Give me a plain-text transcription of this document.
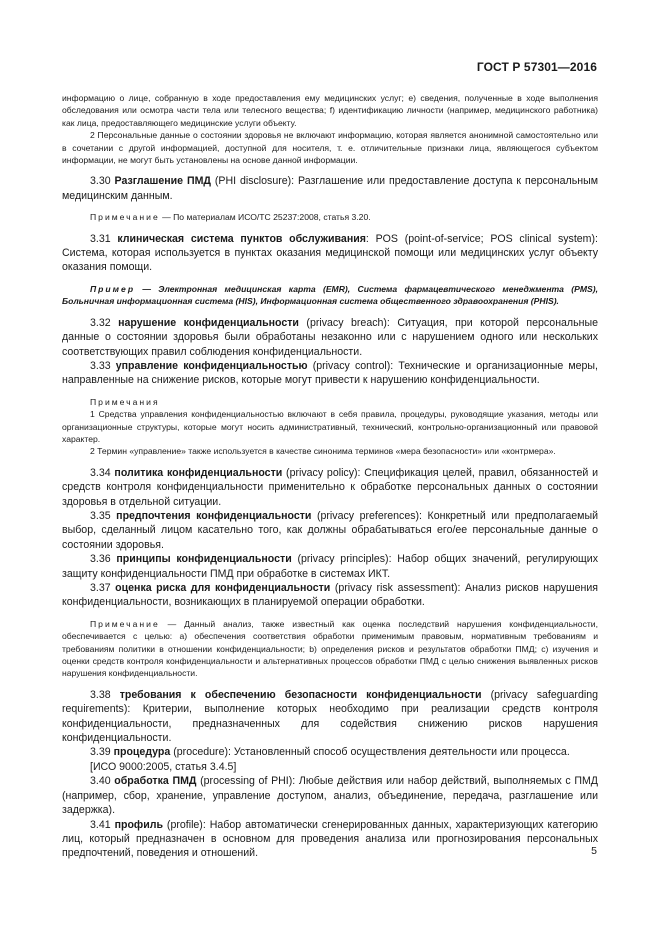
ГОСТ Р 57301—2016

информацию о лице, собранную в ходе предоставления ему медицинских услуг; е) сведения, полученные в ходе выполнения обследования или осмотра части тела или телесного вещества; f) идентификацию личности (например, медицинского работника) как лица, предоставляющего медицинские услуги объекту.

2 Персональные данные о состоянии здоровья не включают информацию, которая является анонимной самостоятельно или в сочетании с другой информацией, доступной для носителя, т. е. отличительные признаки лица, являющегося субъектом информации, не могут быть установлены на основе данной информации.

3.30 Разглашение ПМД (PHI disclosure): Разглашение или предоставление доступа к персональным медицинским данным.

Примечание — По материалам ИСО/ТС 25237:2008, статья 3.20.

3.31 клиническая система пунктов обслуживания: POS (point-of-service; POS clinical system): Система, которая используется в пунктах оказания медицинской помощи или медицинских услуг объекту оказания помощи.

Пример — Электронная медицинская карта (EMR), Система фармацевтического менеджмента (PMS), Больничная информационная система (HIS), Информационная система общественного здравоохранения (PHIS).

3.32 нарушение конфиденциальности (privacy breach): Ситуация, при которой персональные данные о состоянии здоровья были обработаны незаконно или с нарушением одного или нескольких соответствующих правил соблюдения конфиденциальности.

3.33 управление конфиденциальностью (privacy control): Технические и организационные меры, направленные на снижение рисков, которые могут привести к нарушению конфиденциальности.

Примечания

1 Средства управления конфиденциальностью включают в себя правила, процедуры, руководящие указания, методы или организационные структуры, которые могут носить административный, технический, контрольно-организационный или правовой характер.

2 Термин «управление» также используется в качестве синонима терминов «мера безопасности» или «контрмера».

3.34 политика конфиденциальности (privacy policy): Спецификация целей, правил, обязанностей и средств контроля конфиденциальности применительно к обработке персональных данных о состоянии здоровья в отдельной ситуации.

3.35 предпочтения конфиденциальности (privacy preferences): Конкретный или предполагаемый выбор, сделанный лицом касательно того, как должны обрабатываться его/ее персональные данные о состоянии здоровья.

3.36 принципы конфиденциальности (privacy principles): Набор общих значений, регулирующих защиту конфиденциальности ПМД при обработке в системах ИКТ.

3.37 оценка риска для конфиденциальности (privacy risk assessment): Анализ рисков нарушения конфиденциальности, возникающих в планируемой операции обработки.

Примечание — Данный анализ, также известный как оценка последствий нарушения конфиденциальности, обеспечивается с целью: а) обеспечения соответствия обработки применимым правовым, нормативным требованиям и требованиям политики в отношении конфиденциальности; b) определения рисков и результатов обработки ПМД; с) изучения и оценки средств контроля конфиденциальности и альтернативных процессов обработки ПМД с целью снижения выявленных рисков нарушения конфиденциальности.

3.38 требования к обеспечению безопасности конфиденциальности (privacy safeguarding requirements): Критерии, выполнение которых необходимо при реализации средств контроля конфиденциальности, предназначенных для содействия снижению рисков нарушения конфиденциальности.

3.39 процедура (procedure): Установленный способ осуществления деятельности или процесса.

[ИСО 9000:2005, статья 3.4.5]

3.40 обработка ПМД (processing of PHI): Любые действия или набор действий, выполняемых с ПМД (например, сбор, хранение, управление доступом, анализ, объединение, передача, разглашение или задержка).

3.41 профиль (profile): Набор автоматически сгенерированных данных, характеризующих категорию лиц, который предназначен в основном для проведения анализа или прогнозирования персональных предпочтений, поведения и отношений.	5
